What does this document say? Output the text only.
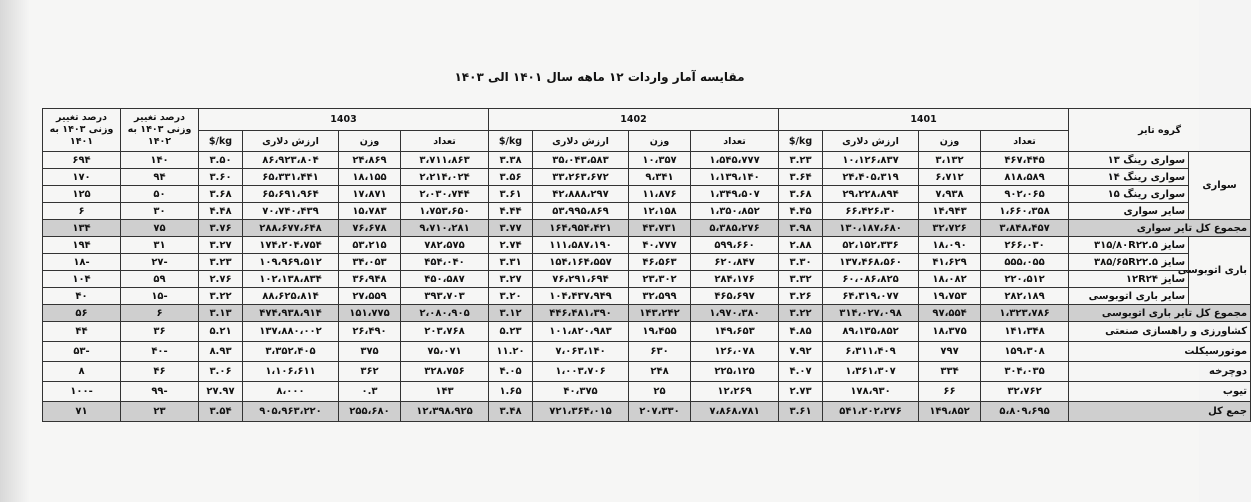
مقایسه آمار واردات ۱۲ ماهه سال ۱۴۰۱ الی ۱۴۰۳
درصد تغییر وزنی ۱۴۰۳ به ۱۴۰۱	درصد تغییر وزنی ۱۴۰۳ به ۱۴۰۲	1403				1402				1401				گروه تایر	
		$/kg	ارزش دلاری	وزن	تعداد	$/kg	ارزش دلاری	وزن	تعداد	$/kg	ارزش دلاری	وزن	تعداد		
۶۹۴	۱۴۰	۳.۵۰	۸۶،۹۲۳،۸۰۴	۲۴،۸۶۹	۳،۷۱۱،۸۶۳	۳.۳۸	۳۵،۰۴۳،۵۸۳	۱۰،۳۵۷	۱،۵۴۵،۷۷۷	۳.۲۳	۱۰،۱۲۶،۸۳۷	۳،۱۳۲	۴۶۷،۴۴۵	سواری رینگ ۱۳	سواری
۱۷۰	۹۴	۳.۶۰	۶۵،۳۳۱،۴۴۱	۱۸،۱۵۵	۲،۲۱۴،۰۲۴	۳.۵۶	۳۳،۲۶۳،۶۷۲	۹،۳۴۱	۱،۱۳۹،۱۴۰	۳.۶۴	۲۴،۴۰۵،۳۱۹	۶،۷۱۲	۸۱۸،۵۸۹	سواری رینگ ۱۴	
۱۲۵	۵۰	۳.۶۸	۶۵،۶۹۱،۹۶۴	۱۷،۸۷۱	۲،۰۳۰،۷۴۴	۳.۶۱	۴۲،۸۸۸،۲۹۷	۱۱،۸۷۶	۱،۳۴۹،۵۰۷	۳.۶۸	۲۹،۲۲۸،۸۹۴	۷،۹۳۸	۹۰۲،۰۶۵	سواری رینگ ۱۵	
۶	۳۰	۴.۴۸	۷۰،۷۴۰،۴۳۹	۱۵،۷۸۳	۱،۷۵۳،۶۵۰	۴.۴۴	۵۳،۹۹۵،۸۶۹	۱۲،۱۵۸	۱،۳۵۰،۸۵۲	۴.۴۵	۶۶،۴۲۶،۳۰	۱۴،۹۴۳	۱،۶۶۰،۳۵۸	سایر سواری	
۱۳۴	۷۵	۳.۷۶	۲۸۸،۶۷۷،۶۴۸	۷۶،۶۷۸	۹،۷۱۰،۲۸۱	۳.۷۷	۱۶۴،۹۵۴،۴۲۱	۴۳،۷۳۱	۵،۳۸۵،۲۷۶	۳.۹۸	۱۳۰،۱۸۷،۶۸۰	۳۲،۷۲۶	۳،۸۴۸،۴۵۷	مجموع کل تایر سواری	
۱۹۴	۳۱	۳.۲۷	۱۷۴،۲۰۴،۷۵۴	۵۳،۲۱۵	۷۸۲،۵۷۵	۲.۷۴	۱۱۱،۵۸۷،۱۹۰	۴۰،۷۷۷	۵۹۹،۶۶۰	۲.۸۸	۵۲،۱۵۲،۳۳۶	۱۸،۰۹۰	۲۶۶،۰۳۰	سایز ۳۱۵/۸۰R۲۲.۵	باری اتوبوسی
-۱۸	-۲۷	۳.۲۳	۱۰۹،۹۶۹،۵۱۲	۳۴،۰۵۳	۴۵۴،۰۴۰	۳.۳۱	۱۵۴،۱۶۴،۵۵۷	۴۶،۵۶۳	۶۲۰،۸۴۷	۳.۳۰	۱۳۷،۴۶۸،۵۶۰	۴۱،۶۲۹	۵۵۵،۰۵۵	سایز ۳۸۵/۶۵R۲۲.۵	
۱۰۴	۵۹	۲.۷۶	۱۰۲،۱۳۸،۸۳۴	۳۶،۹۴۸	۴۵۰،۵۸۷	۳.۲۷	۷۶،۲۹۱،۶۹۴	۲۳،۳۰۲	۲۸۴،۱۷۶	۳.۳۲	۶۰،۰۸۶،۸۲۵	۱۸،۰۸۲	۲۲۰،۵۱۲	سایز ۱۲R۲۴	
۴۰	-۱۵	۳.۲۲	۸۸،۶۲۵،۸۱۴	۲۷،۵۵۹	۳۹۳،۷۰۳	۳.۲۰	۱۰۴،۴۳۷،۹۴۹	۳۲،۵۹۹	۴۶۵،۶۹۷	۳.۲۶	۶۴،۳۱۹،۰۷۷	۱۹،۷۵۳	۲۸۲،۱۸۹	سایر باری اتوبوسی	
۵۶	۶	۳.۱۳	۴۷۴،۹۳۸،۹۱۴	۱۵۱،۷۷۵	۲،۰۸۰،۹۰۵	۳.۱۲	۴۴۶،۴۸۱،۳۹۰	۱۴۳،۲۴۲	۱،۹۷۰،۳۸۰	۳.۲۲	۳۱۴،۰۲۷،۰۹۸	۹۷،۵۵۴	۱،۳۲۳،۷۸۶	مجموع کل تایر باری اتوبوسی	
۴۴	۳۶	۵.۲۱	۱۳۷،۸۸۰،۰۰۲	۲۶،۴۹۰	۲۰۳،۷۶۸	۵.۲۳	۱۰۱،۸۲۰،۹۸۳	۱۹،۴۵۵	۱۴۹،۶۵۳	۴.۸۵	۸۹،۱۳۵،۸۵۲	۱۸،۳۷۵	۱۴۱،۳۴۸	کشاورزی و راهسازی صنعتی	
-۵۳	-۴۰	۸.۹۳	۳،۳۵۲،۴۰۵	۳۷۵	۷۵،۰۷۱	۱۱.۲۰	۷،۰۶۳،۱۴۰	۶۳۰	۱۲۶،۰۷۸	۷.۹۲	۶،۳۱۱،۴۰۹	۷۹۷	۱۵۹،۳۰۸	موتورسیکلت	
۸	۴۶	۳.۰۶	۱،۱۰۶،۶۱۱	۳۶۲	۳۲۸،۷۵۶	۴.۰۵	۱،۰۰۳،۷۰۶	۲۴۸	۲۲۵،۱۲۵	۴.۰۷	۱،۳۶۱،۳۰۷	۳۳۴	۳۰۴،۰۳۵	دوچرخه	
-۱۰۰	-۹۹	۲۷.۹۷	۸،۰۰۰	۰.۳	۱۴۳	۱.۶۵	۴۰،۳۷۵	۲۵	۱۲،۲۶۹	۲.۷۳	۱۷۸،۹۳۰	۶۶	۳۲،۷۶۲	تیوب	
۷۱	۲۳	۳.۵۴	۹۰۵،۹۶۳،۲۲۰	۲۵۵،۶۸۰	۱۲،۳۹۸،۹۲۵	۳.۴۸	۷۲۱،۳۶۴،۰۱۵	۲۰۷،۳۳۰	۷،۸۶۸،۷۸۱	۳.۶۱	۵۴۱،۲۰۲،۲۷۶	۱۴۹،۸۵۲	۵،۸۰۹،۶۹۵	جمع کل	
